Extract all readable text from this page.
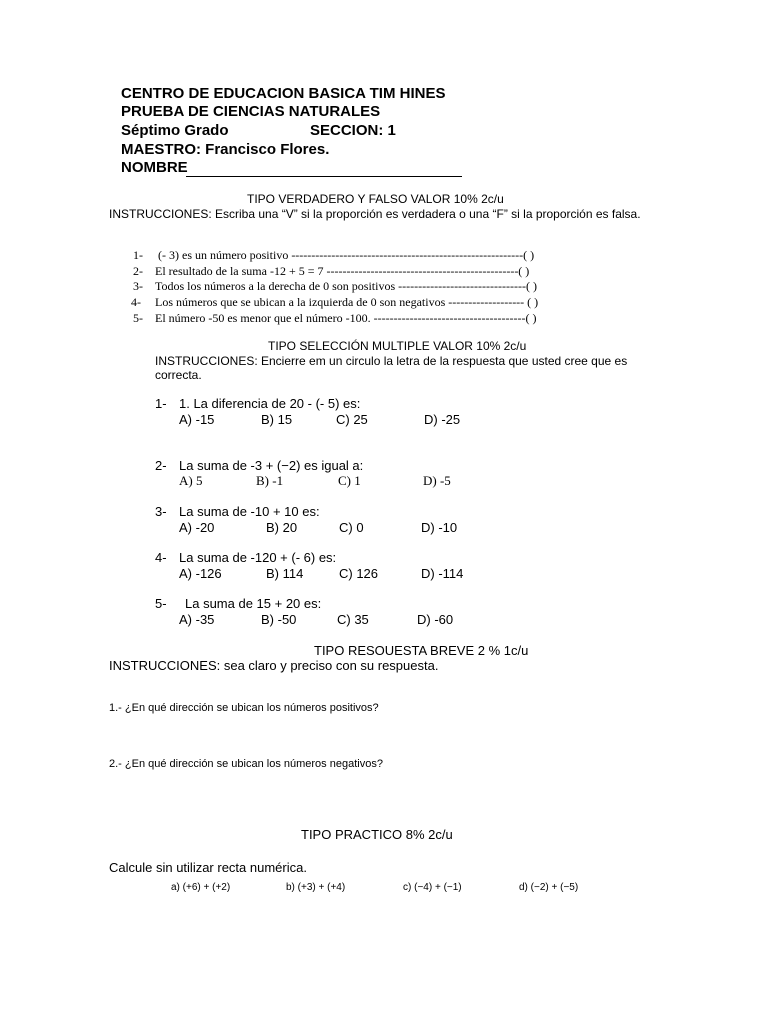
CENTRO DE EDUCACION BASICA TIM HINES
PRUEBA DE CIENCIAS NATURALES
Séptimo Grado	SECCION: 1
MAESTRO: Francisco Flores.
NOMBRE
TIPO VERDADERO Y FALSO VALOR 10% 2c/u
INSTRUCCIONES: Escriba una “V” si la proporción es verdadera o una “F” si la proporción es falsa.
1- (- 3) es un número positivo ----------------------------------------------------------( )
2- El resultado de la suma -12 + 5 = 7 ------------------------------------------------( )
3- Todos los números a la derecha de 0 son positivos --------------------------------( )
4- Los números que se ubican a la izquierda de 0 son negativos ------------------- ( )
5- El número -50 es menor que el número -100. --------------------------------------( )
TIPO SELECCIÓN MULTIPLE VALOR 10% 2c/u
INSTRUCCIONES: Encierre em un circulo la letra de la respuesta que usted cree que es correcta.
1- 1. La diferencia de 20 - (- 5) es:
A) -15	B) 15	C) 25	D) -25
2- La suma de -3 + (−2) es igual a:
A) 5	B) -1	C) 1	D) -5
3- La suma de -10 + 10 es:
A) -20	B) 20	C) 0	D) -10
4- La suma de -120 + (- 6) es:
A) -126	B) 114	C) 126	D) -114
5- La suma de 15 + 20 es:
A) -35	B) -50	C) 35	D) -60
TIPO RESOUESTA BREVE 2 % 1c/u
INSTRUCCIONES: sea claro y preciso con su respuesta.
1.- ¿En qué dirección se ubican los números positivos?
2.- ¿En qué dirección se ubican los números negativos?
TIPO PRACTICO 8% 2c/u
Calcule sin utilizar recta numérica.
a) (+6) + (+2)	b) (+3) + (+4)	c) (−4) + (−1)	d) (−2) + (−5)
